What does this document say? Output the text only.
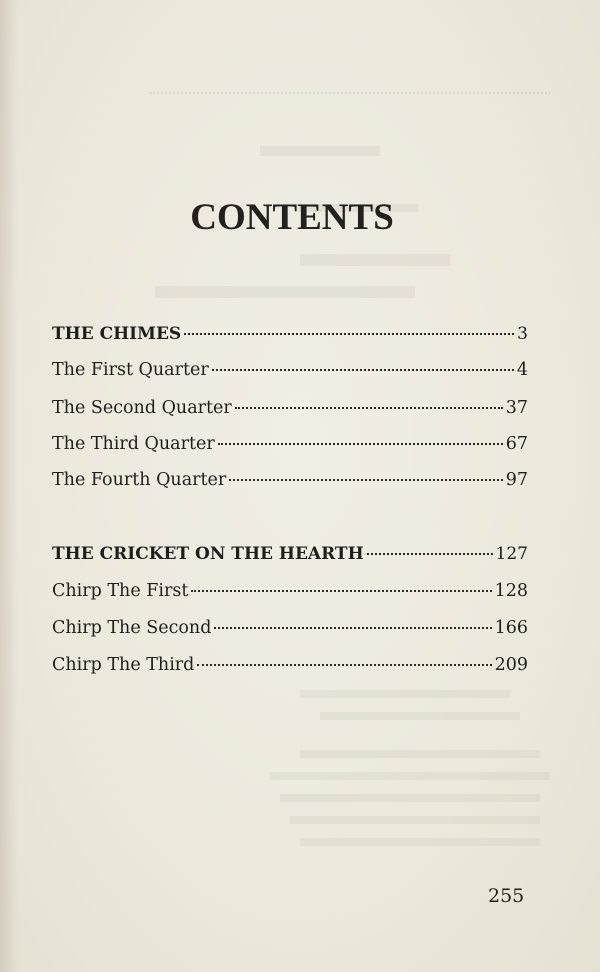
CONTENTS
THE CHIMES	3
The First Quarter	4
The Second Quarter	37
The Third Quarter	67
The Fourth Quarter	97
THE CRICKET ON THE HEARTH	127
Chirp The First	128
Chirp The Second	166
Chirp The Third	209
255
